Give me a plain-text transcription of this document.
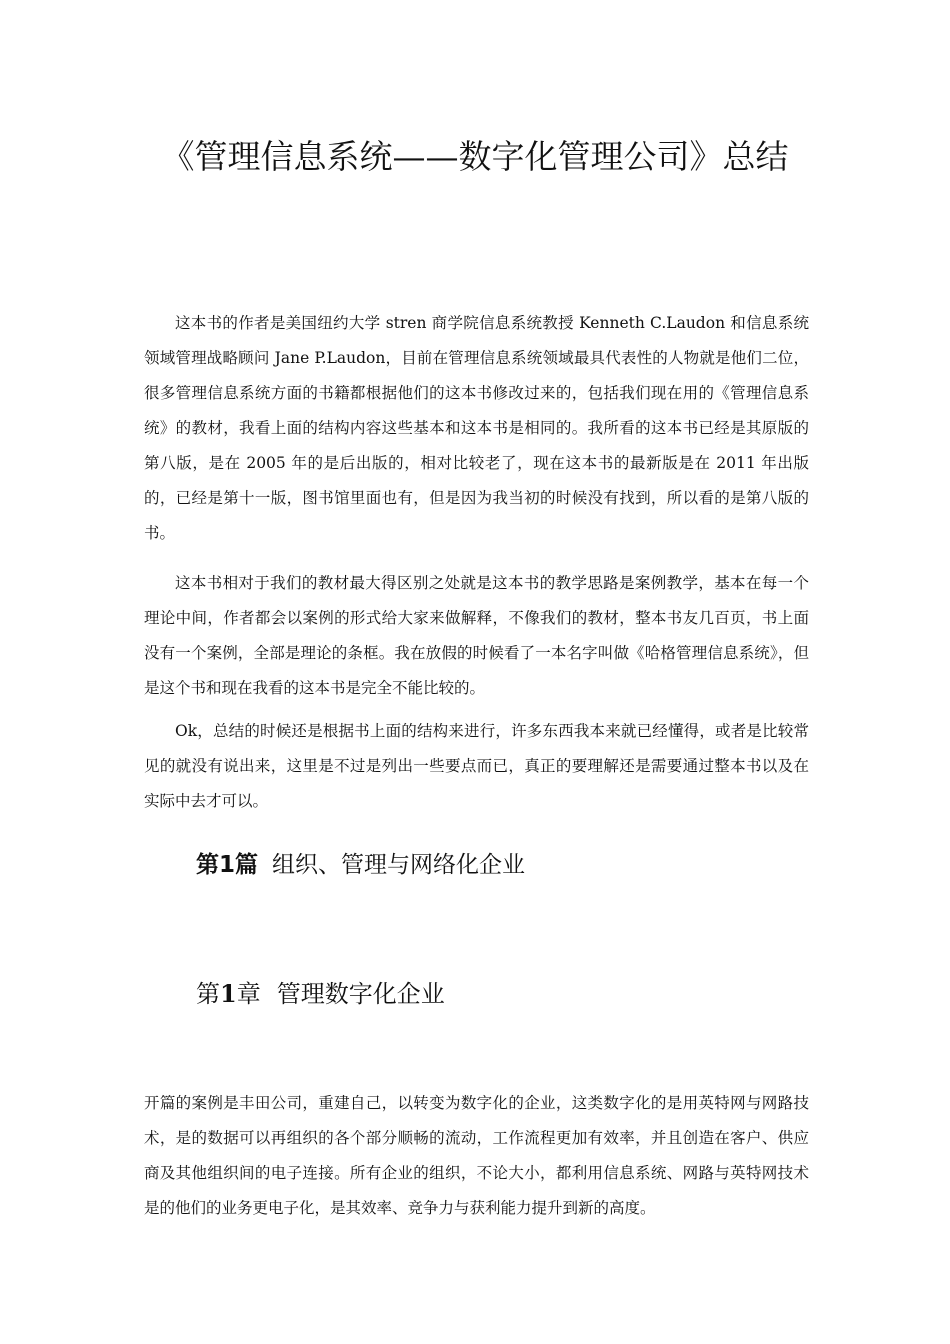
《管理信息系统——数字化管理公司》总结

这本书的作者是美国纽约大学 stren 商学院信息系统教授 Kenneth C.Laudon 和信息系统领域管理战略顾问 Jane P.Laudon，目前在管理信息系统领域最具代表性的人物就是他们二位，很多管理信息系统方面的书籍都根据他们的这本书修改过来的，包括我们现在用的《管理信息系统》的教材，我看上面的结构内容这些基本和这本书是相同的。我所看的这本书已经是其原版的第八版，是在 2005 年的是后出版的，相对比较老了，现在这本书的最新版是在 2011 年出版的，已经是第十一版，图书馆里面也有，但是因为我当初的时候没有找到，所以看的是第八版的书。

这本书相对于我们的教材最大得区别之处就是这本书的教学思路是案例教学，基本在每一个理论中间，作者都会以案例的形式给大家来做解释，不像我们的教材，整本书友几百页，书上面没有一个案例，全部是理论的条框。我在放假的时候看了一本名字叫做《哈格管理信息系统》，但是这个书和现在我看的这本书是完全不能比较的。

Ok，总结的时候还是根据书上面的结构来进行，许多东西我本来就已经懂得，或者是比较常见的就没有说出来，这里是不过是列出一些要点而已，真正的要理解还是需要通过整本书以及在实际中去才可以。

第1篇 组织、管理与网络化企业
第1章 管理数字化企业

开篇的案例是丰田公司，重建自己，以转变为数字化的企业，这类数字化的是用英特网与网路技术，是的数据可以再组织的各个部分顺畅的流动，工作流程更加有效率，并且创造在客户、供应商及其他组织间的电子连接。所有企业的组织，不论大小，都利用信息系统、网路与英特网技术是的他们的业务更电子化，是其效率、竞争力与获利能力提升到新的高度。
